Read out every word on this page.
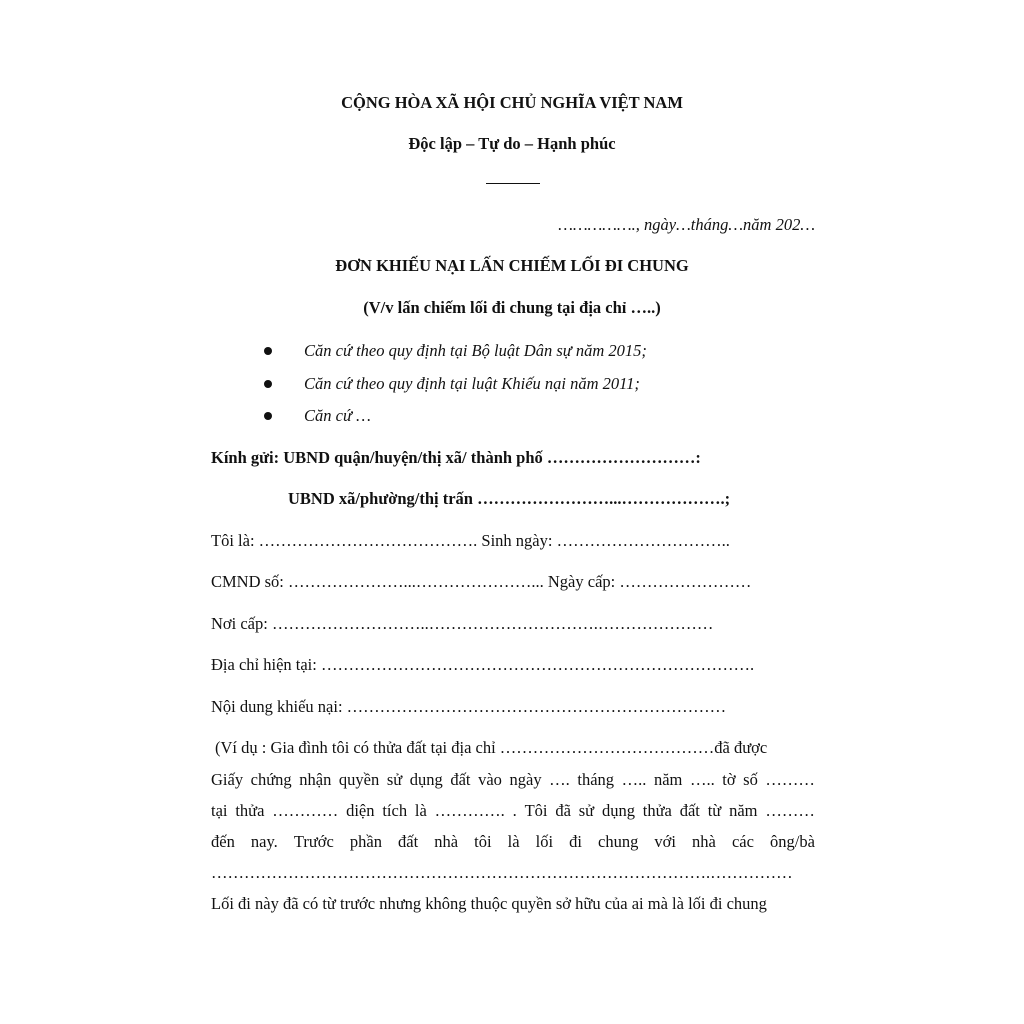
CỘNG HÒA XÃ HỘI CHỦ NGHĨA VIỆT NAM
Độc lập – Tự do – Hạnh phúc
……………., ngày…tháng…năm 202…
ĐƠN KHIẾU NẠI LẤN CHIẾM LỐI ĐI CHUNG
(V/v lấn chiếm lối đi chung tại địa chỉ …..)
Căn cứ theo quy định tại Bộ luật Dân sự năm 2015;
Căn cứ theo quy định tại luật Khiếu nại năm 2011;
Căn cứ …
Kính gửi: UBND quận/huyện/thị xã/ thành phố ………………………:
UBND xã/phường/thị trấn ……………………...……………….;
Tôi là: …………………………………. Sinh ngày: …………………………..
CMND số: …………………...…………………... Ngày cấp: ……………………
Nơi cấp: ………………………..………………………….…………………
Địa chỉ hiện tại: …………………………………………………………………….
Nội dung khiếu nại: ……………………………………………………………
(Ví dụ : Gia đình tôi có thửa đất tại địa chỉ …………………………………đã được
Giấy chứng nhận quyền sử dụng đất vào ngày …. tháng ….. năm ….. tờ số ………
tại thửa ………… diện tích là …………. . Tôi đã sử dụng thửa đất từ năm ………
đến nay. Trước phần đất nhà tôi là lối đi chung với nhà các ông/bà
……………………………………………………………………………….……………
Lối đi này đã có từ trước nhưng không thuộc quyền sở hữu của ai mà là lối đi chung
